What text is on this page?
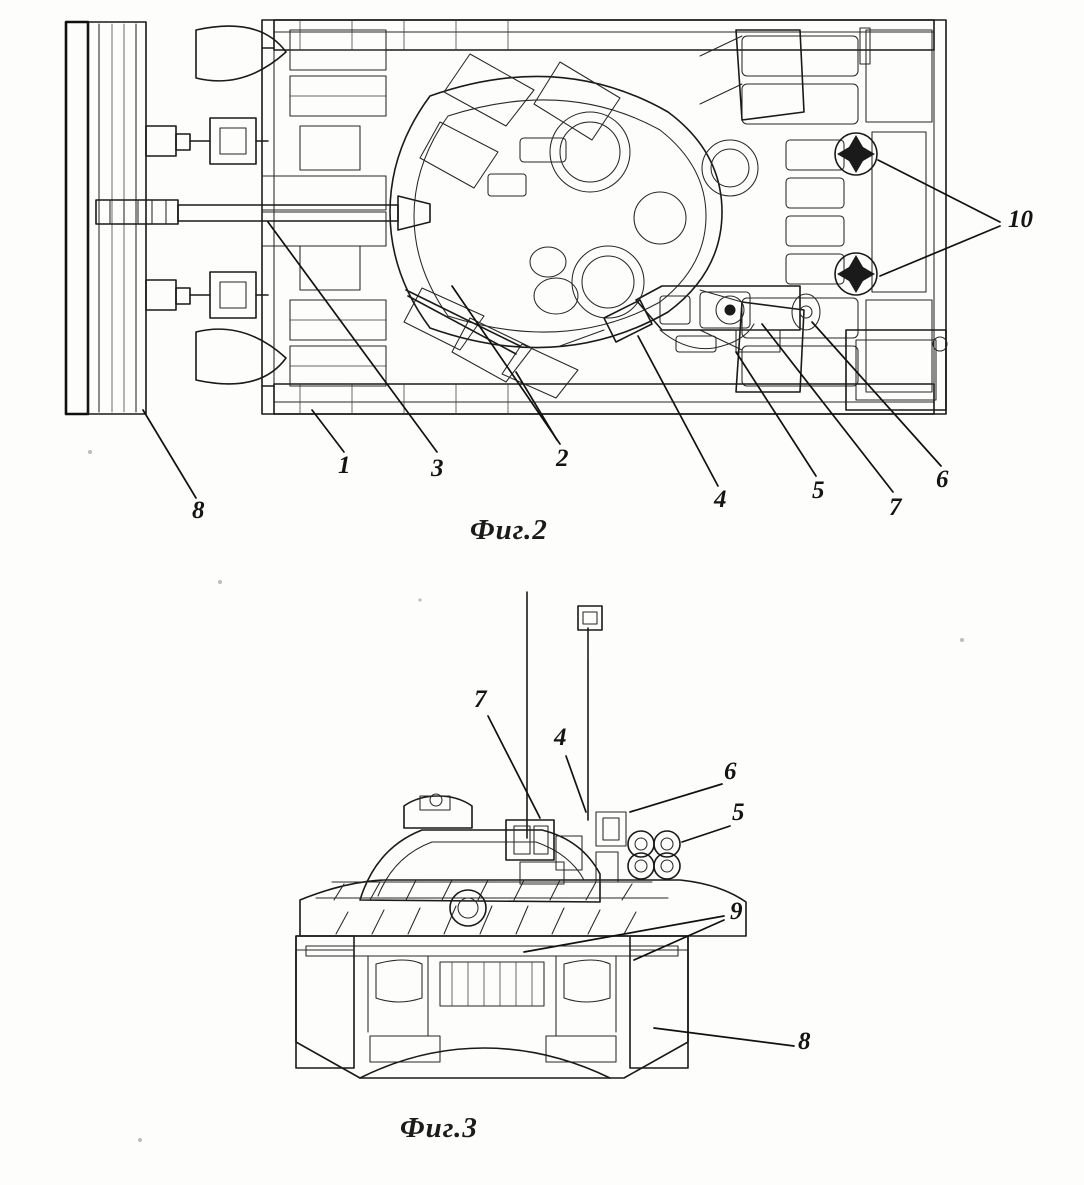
1	3	2
4	5
7
6
8
10
7
4
6
5
9
8
Фиг.2
Фиг.3
